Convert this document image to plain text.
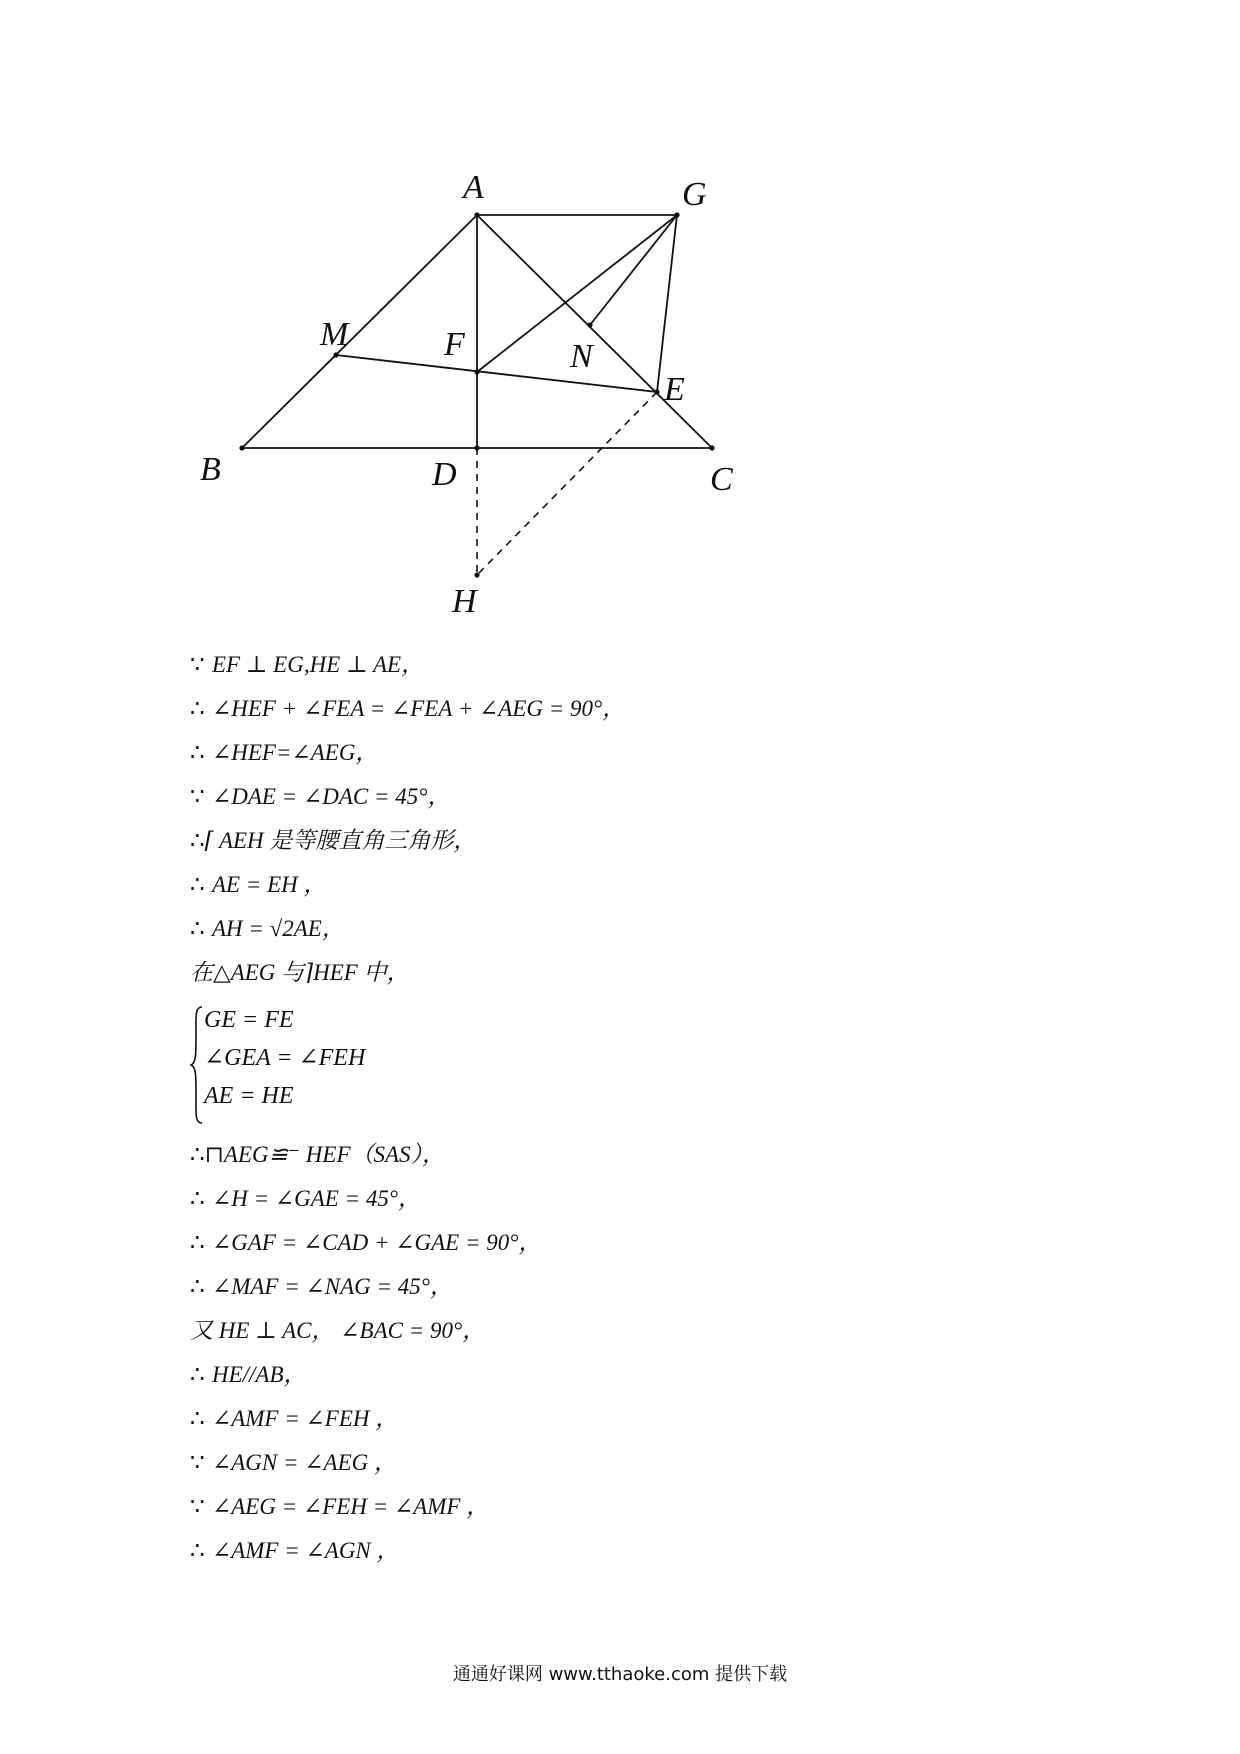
A	G
M	F	N
E
B	D	C
H
∵ EF ⊥ EG,HE ⊥ AE，
∴ ∠HEF + ∠FEA = ∠FEA + ∠AEG = 90°，
∴ ∠HEF=∠AEG，
∵ ∠DAE = ∠DAC = 45°，
∴⌈ AEH 是等腰直角三角形，
∴ AE = EH ，
∴ AH = √2AE，
在△AEG 与⌉HEF 中，
GE = FE
∠GEA = ∠FEH
AE = HE
∴⊓AEG≌⁻ HEF（SAS），
∴ ∠H = ∠GAE = 45°，
∴ ∠GAF = ∠CAD + ∠GAE = 90°，
∴ ∠MAF = ∠NAG = 45°，
又 HE ⊥ AC， ∠BAC = 90°，
∴ HE//AB，
∴ ∠AMF = ∠FEH ，
∵ ∠AGN = ∠AEG ，
∵ ∠AEG = ∠FEH = ∠AMF ，
∴ ∠AMF = ∠AGN ，
通通好课网 www.tthaoke.com 提供下载
